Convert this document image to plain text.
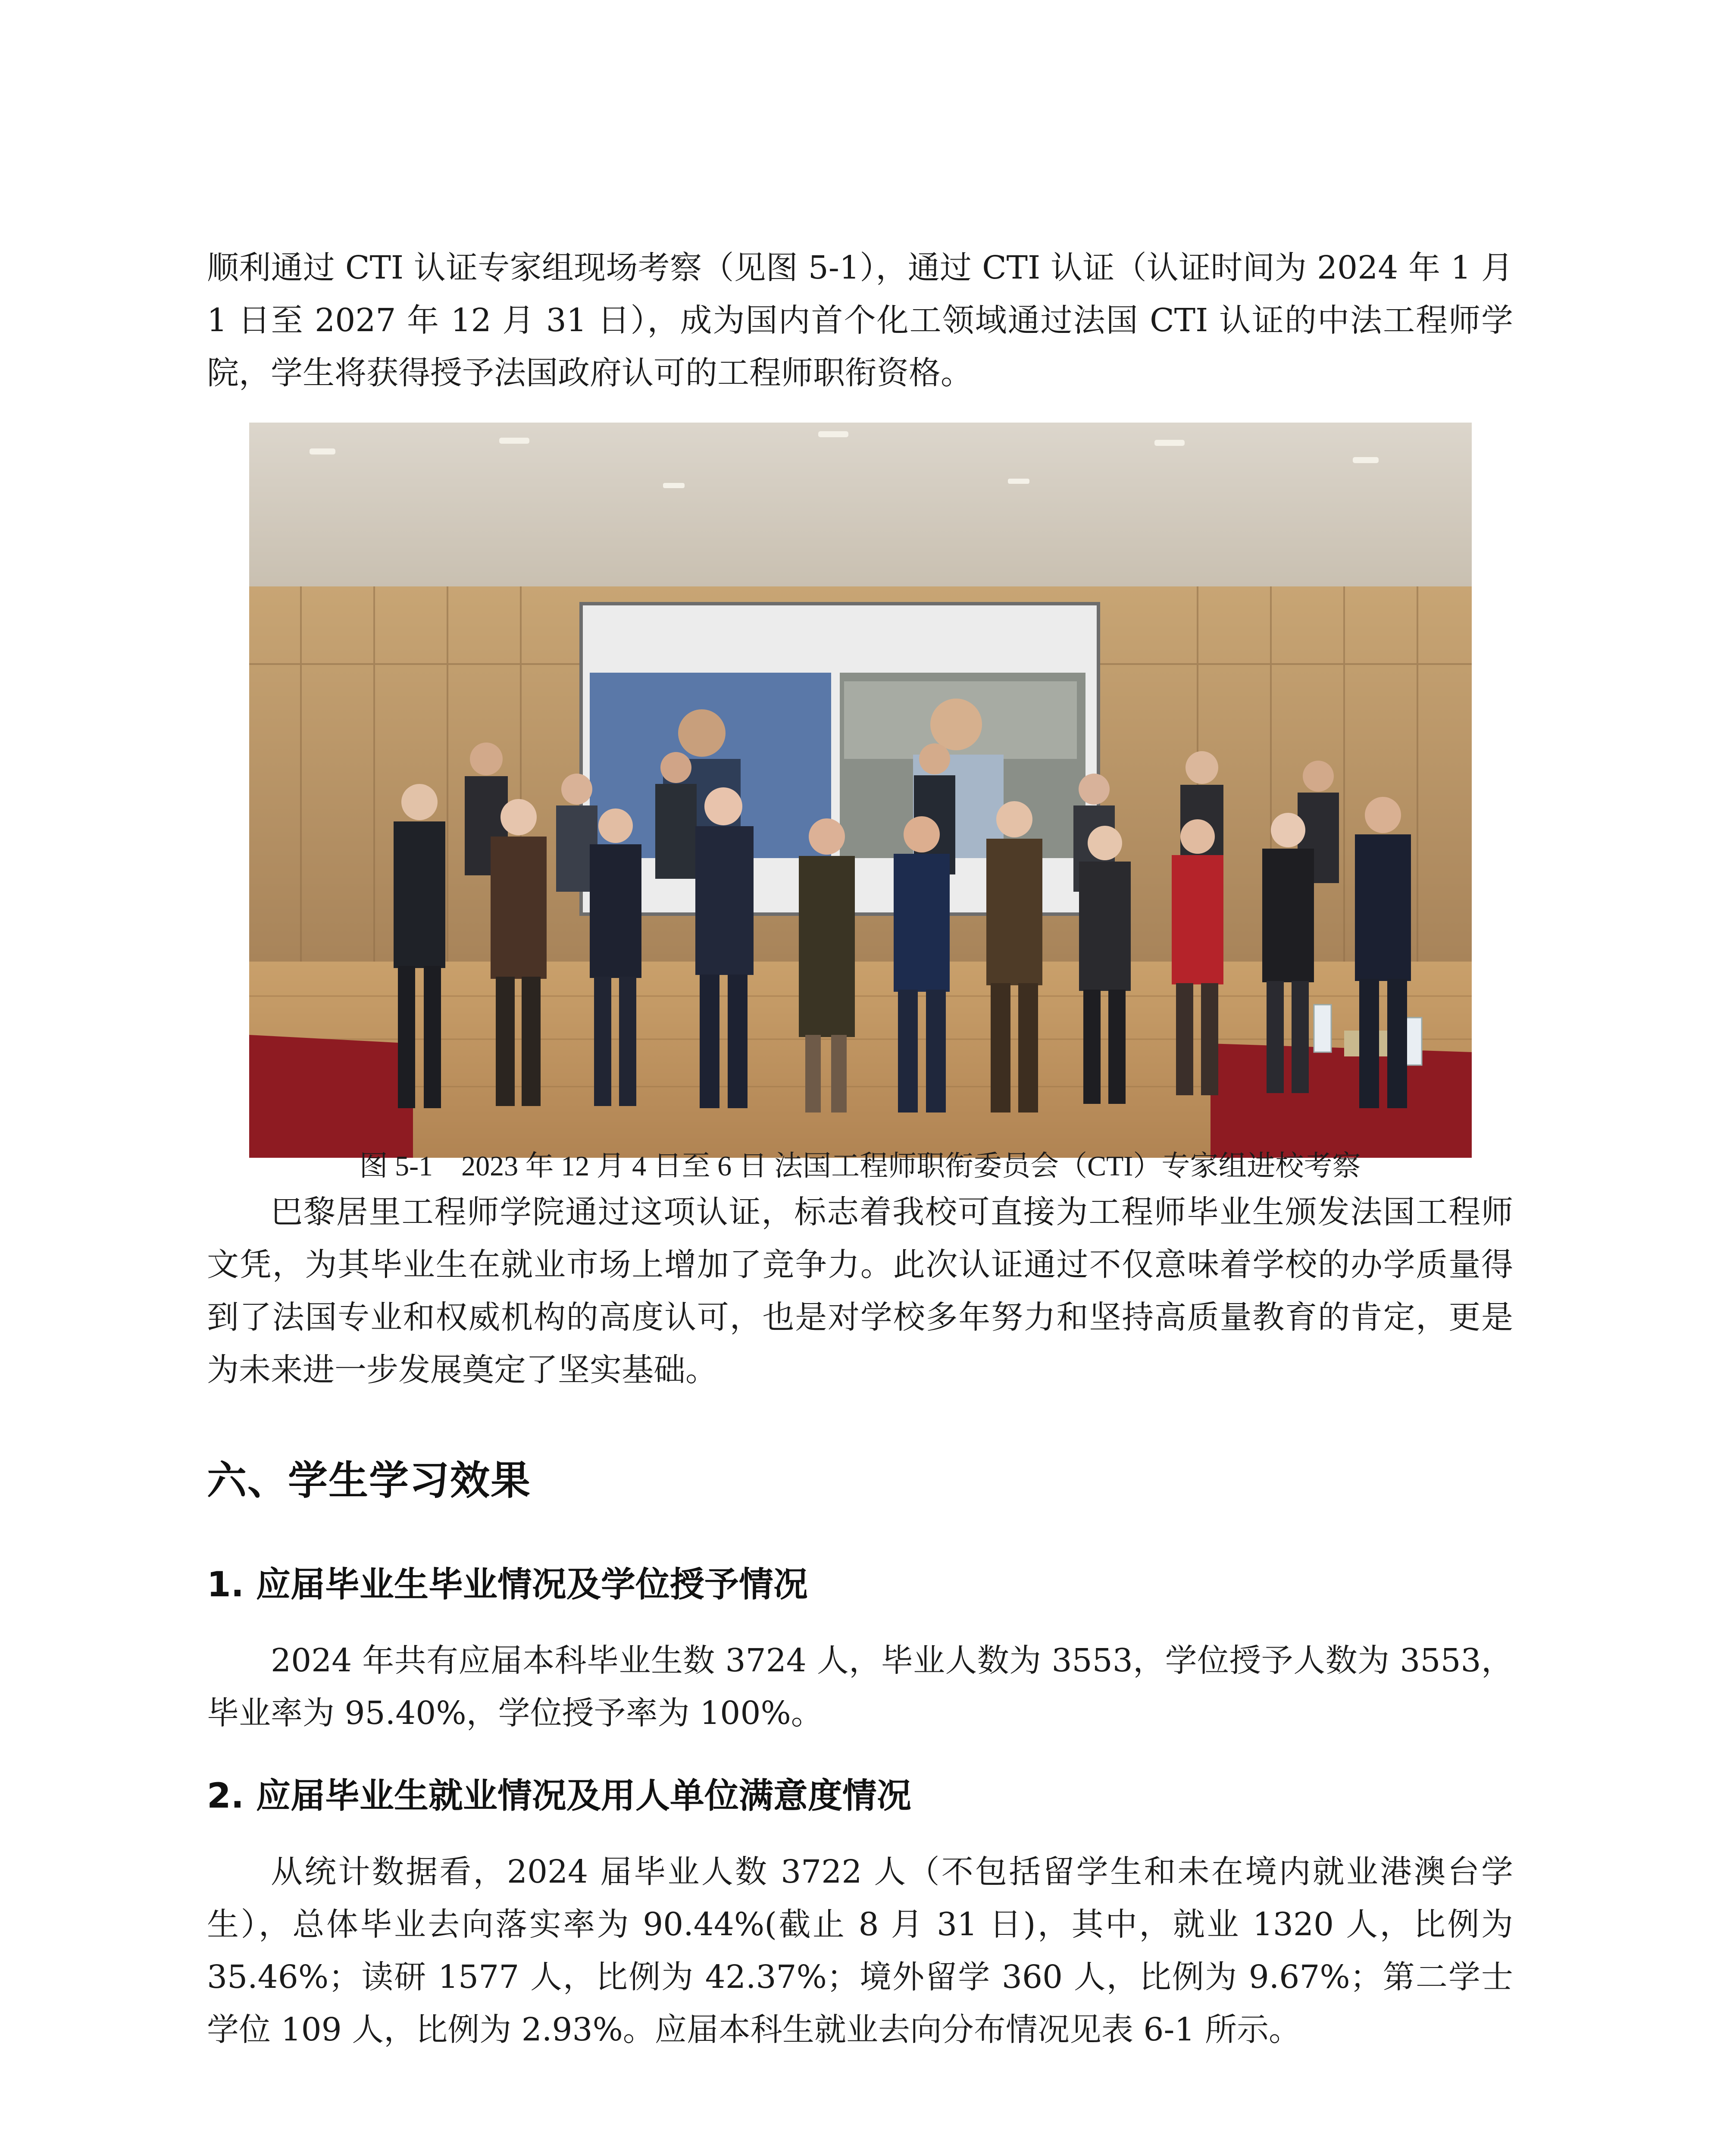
顺利通过 CTI 认证专家组现场考察（见图 5-1），通过 CTI 认证（认证时间为 2024 年 1 月 1 日至 2027 年 12 月 31 日），成为国内首个化工领域通过法国 CTI 认证的中法工程师学院，学生将获得授予法国政府认可的工程师职衔资格。

图 5-1　2023 年 12 月 4 日至 6 日 法国工程师职衔委员会（CTI）专家组进校考察

巴黎居里工程师学院通过这项认证，标志着我校可直接为工程师毕业生颁发法国工程师文凭，为其毕业生在就业市场上增加了竞争力。此次认证通过不仅意味着学校的办学质量得到了法国专业和权威机构的高度认可，也是对学校多年努力和坚持高质量教育的肯定，更是为未来进一步发展奠定了坚实基础。

六、学生学习效果
1. 应届毕业生毕业情况及学位授予情况

2024 年共有应届本科毕业生数 3724 人，毕业人数为 3553，学位授予人数为 3553，毕业率为 95.40%，学位授予率为 100%。

2. 应届毕业生就业情况及用人单位满意度情况

从统计数据看，2024 届毕业人数 3722 人（不包括留学生和未在境内就业港澳台学生），总体毕业去向落实率为 90.44%(截止 8 月 31 日)，其中，就业 1320 人，比例为 35.46%；读研 1577 人，比例为 42.37%；境外留学 360 人，比例为 9.67%；第二学士学位 109 人，比例为 2.93%。应届本科生就业去向分布情况见表 6-1 所示。
